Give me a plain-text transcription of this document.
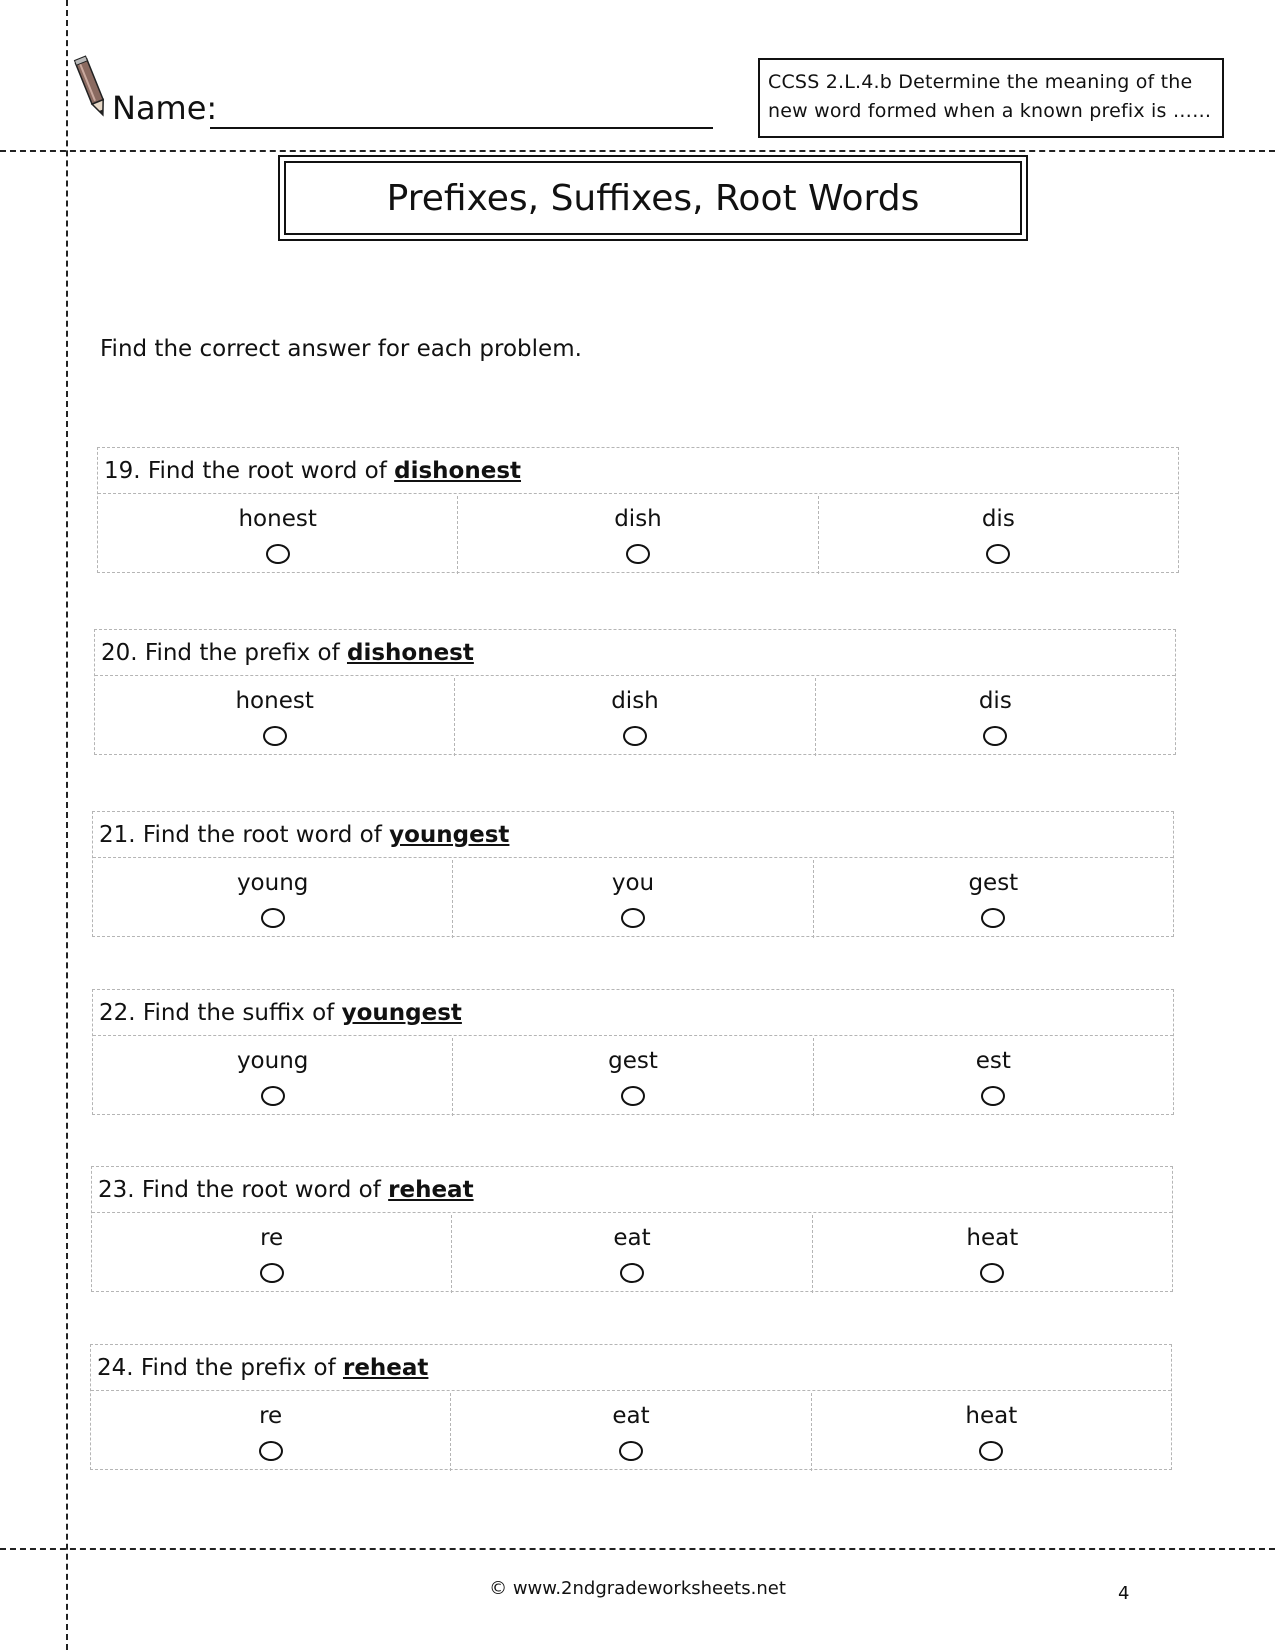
Name:
CCSS 2.L.4.b Determine the meaning of the new word formed when a known prefix is ……
Prefixes, Suffixes, Root Words
Find the correct answer for each problem.
19. Find the root word of dishonest
honest	dish	dis
20. Find the prefix of dishonest
honest	dish	dis
21. Find the root word of youngest
young	you	gest
22. Find the suffix of youngest
young	gest	est
23. Find the root word of reheat
re	eat	heat
24. Find the prefix of reheat
re	eat	heat
© www.2ndgradeworksheets.net	4
